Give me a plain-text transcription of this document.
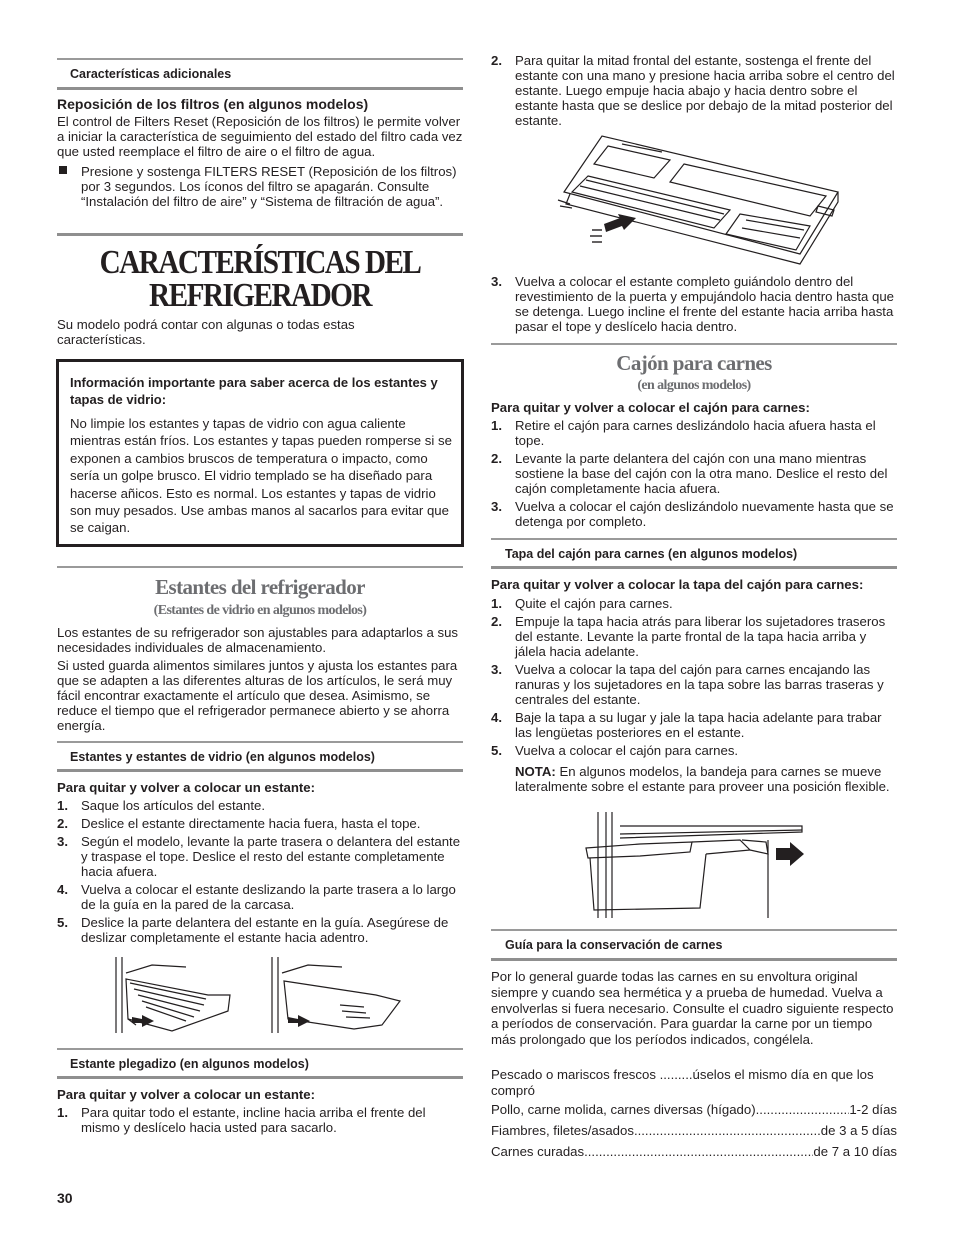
Características adicionales
Reposición de los filtros (en algunos modelos)

El control de Filters Reset (Reposición de los filtros) le permite volver a iniciar la característica de seguimiento del estado del filtro cada vez que usted reemplace el filtro de aire o el filtro de agua.

Presione y sostenga FILTERS RESET (Reposición de los filtros) por 3 segundos. Los íconos del filtro se apagarán. Consulte “Instalación del filtro de aire” y “Sistema de filtración de agua”.

CARACTERÍSTICAS DEL
REFRIGERADOR

Su modelo podrá contar con algunas o todas estas características.

Información importante para saber acerca de los estantes y tapas de vidrio:

No limpie los estantes y tapas de vidrio con agua caliente mientras están fríos. Los estantes y tapas pueden romperse si se exponen a cambios bruscos de temperatura o impacto, como sería un golpe brusco. El vidrio templado se ha diseñado para hacerse añicos. Esto es normal. Los estantes y tapas de vidrio son muy pesados. Use ambas manos al sacarlos para evitar que se caigan.

Estantes del refrigerador
(Estantes de vidrio en algunos modelos)

Los estantes de su refrigerador son ajustables para adaptarlos a sus necesidades individuales de almacenamiento.

Si usted guarda alimentos similares juntos y ajusta los estantes para que se adapten a las diferentes alturas de los artículos, le será muy fácil encontrar exactamente el artículo que desea. Asimismo, se reduce el tiempo que el refrigerador permanece abierto y se ahorra energía.

Estantes y estantes de vidrio (en algunos modelos)
Para quitar y volver a colocar un estante:
1. Saque los artículos del estante.
2. Deslice el estante directamente hacia fuera, hasta el tope.
3. Según el modelo, levante la parte trasera o delantera del estante y traspase el tope. Deslice el resto del estante completamente hacia afuera.
4. Vuelva a colocar el estante deslizando la parte trasera a lo largo de la guía en la pared de la carcasa.
5. Deslice la parte delantera del estante en la guía. Asegúrese de deslizar completamente el estante hacia adentro.
Estante plegadizo (en algunos modelos)
Para quitar y volver a colocar un estante:
1. Para quitar todo el estante, incline hacia arriba el frente del mismo y deslícelo hacia usted para sacarlo.
30
2. Para quitar la mitad frontal del estante, sostenga el frente del estante con una mano y presione hacia arriba sobre el centro del estante. Luego empuje hacia abajo y hacia dentro sobre el estante hasta que se deslice por debajo de la mitad posterior del estante.
3. Vuelva a colocar el estante completo guiándolo dentro del revestimiento de la puerta y empujándolo hacia dentro hasta que se detenga. Luego incline el frente del estante hacia arriba hasta pasar el tope y deslícelo hacia dentro.
Cajón para carnes
(en algunos modelos)
Para quitar y volver a colocar el cajón para carnes:
1. Retire el cajón para carnes deslizándolo hacia afuera hasta el tope.
2. Levante la parte delantera del cajón con una mano mientras sostiene la base del cajón con la otra mano. Deslice el resto del cajón completamente hacia afuera.
3. Vuelva a colocar el cajón deslizándolo nuevamente hasta que se detenga por completo.
Tapa del cajón para carnes (en algunos modelos)
Para quitar y volver a colocar la tapa del cajón para carnes:
1. Quite el cajón para carnes.
2. Empuje la tapa hacia atrás para liberar los sujetadores traseros del estante. Levante la parte frontal de la tapa hacia arriba y jálela hacia adelante.
3. Vuelva a colocar la tapa del cajón para carnes encajando las ranuras y los sujetadores en la tapa sobre las barras traseras y centrales del estante.
4. Baje la tapa a su lugar y jale la tapa hacia adelante para trabar las lengüetas posteriores en el estante.
5. Vuelva a colocar el cajón para carnes.

NOTA: En algunos modelos, la bandeja para carnes se mueve lateralmente sobre el estante para proveer una posición flexible.

Guía para la conservación de carnes

Por lo general guarde todas las carnes en su envoltura original siempre y cuando sea hermética y a prueba de humedad. Vuelva a envolverlas si fuera necesario. Consulte el cuadro siguiente respecto a períodos de conservación. Para guardar la carne por un tiempo más prolongado que los períodos indicados, congélela.

Pescado o mariscos frescos .........úselos el mismo día en que los compró

Pollo, carne molida, carnes diversas (hígado) .....	1-2 días
Fiambres, filetes/asados .....	de 3 a 5 días
Carnes curadas .....	de 7 a 10 días
